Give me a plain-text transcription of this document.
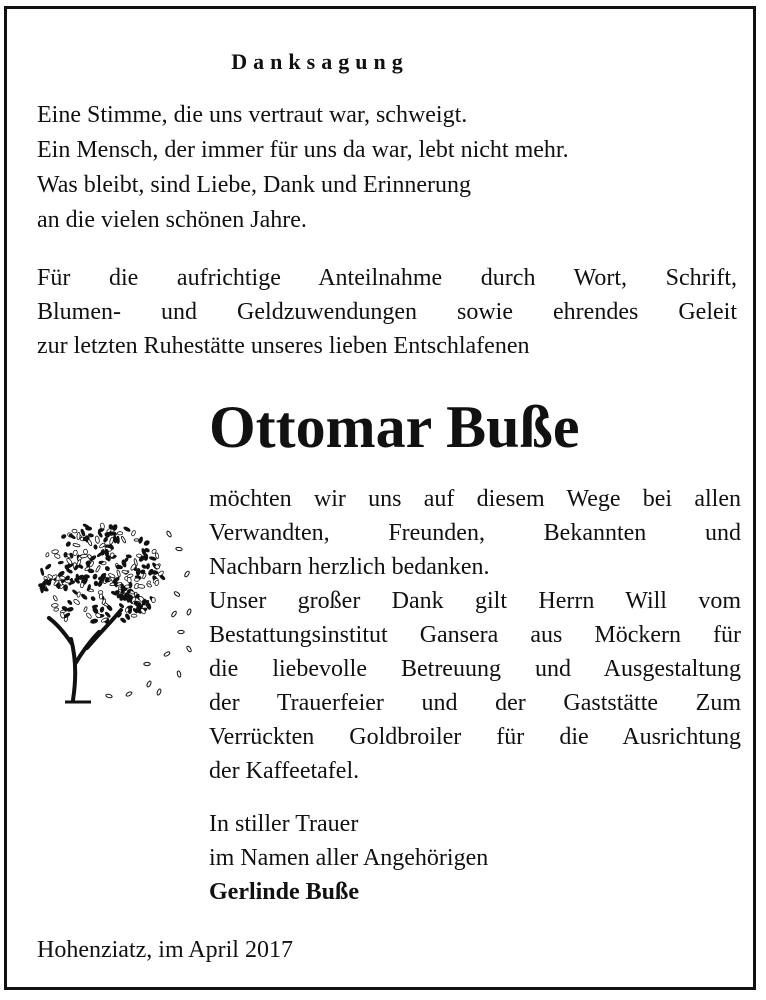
Danksagung
Eine Stimme, die uns vertraut war, schweigt.
Ein Mensch, der immer für uns da war, lebt nicht mehr.
Was bleibt, sind Liebe, Dank und Erinnerung
an die vielen schönen Jahre.
Für die aufrichtige Anteilnahme durch Wort, Schrift,
Blumen- und Geldzuwendungen sowie ehrendes Geleit
zur letzten Ruhestätte unseres lieben Entschlafenen
Ottomar Buße
möchten wir uns auf diesem Wege bei allen
Verwandten, Freunden, Bekannten und
Nachbarn herzlich bedanken.
Unser großer Dank gilt Herrn Will vom
Bestattungsinstitut Gansera aus Möckern für
die liebevolle Betreuung und Ausgestaltung
der Trauerfeier und der Gaststätte Zum
Verrückten Goldbroiler für die Ausrichtung
der Kaffeetafel.
In stiller Trauer
im Namen aller Angehörigen
Gerlinde Buße
Hohenziatz, im April 2017
